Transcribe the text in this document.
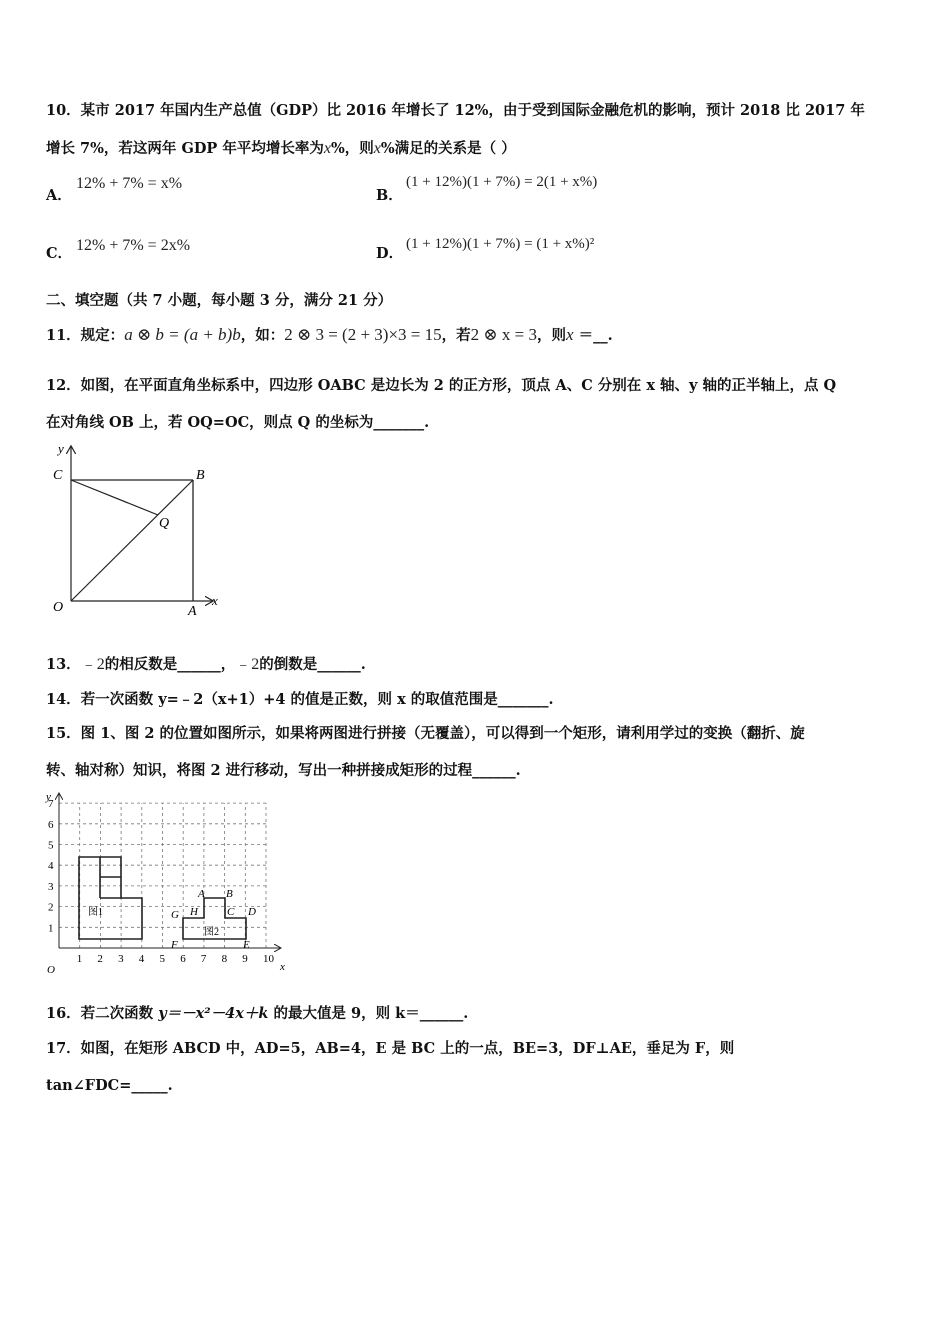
10．某市 2017 年国内生产总值（GDP）比 2016 年增长了 12%，由于受到国际金融危机的影响，预计 2018 比 2017 年
增长 7%，若这两年 GDP 年平均增长率为x%，则x%满足的关系是（ ）
A．
12% + 7% = x%
B．
(1 + 12%)(1 + 7%) = 2(1 + x%)
C． 12% + 7% = 2x%	D．
(1 + 12%)(1 + 7%) = (1 + x%)²
二、填空题（共 7 小题，每小题 3 分，满分 21 分）
11．规定：a ⊗ b = (a + b)b，如：2 ⊗ 3 = (2 + 3)×3 = 15，若2 ⊗ x = 3，则x ＝__.
12．如图，在平面直角坐标系中，四边形 OABC 是边长为 2 的正方形，顶点 A、C 分别在 x 轴、y 轴的正半轴上，点 Q
在对角线 OB 上，若 OQ=OC，则点 Q 的坐标为_______.
y
C	B
Q
O	A
x
13．﹣2的相反数是______，﹣2的倒数是______.
14．若一次函数 y=﹣2（x+1）+4 的值是正数，则 x 的取值范围是_______.
15．图 1、图 2 的位置如图所示，如果将两图进行拼接（无覆盖），可以得到一个矩形，请利用学过的变换（翻折、旋
转、轴对称）知识，将图 2 进行移动，写出一种拼接成矩形的过程______.
1 2 3 4 5 6 7 8 9 10
1
2
3
4
5
6
7
y
x
O
图1
图2
A B
C D
E
F
G H
16．若二次函数 y＝－x²－4x＋k 的最大值是 9，则 k＝______.
17．如图，在矩形 ABCD 中，AD=5，AB=4，E 是 BC 上的一点，BE=3，DF⊥AE，垂足为 F，则
tan∠FDC=_____.
